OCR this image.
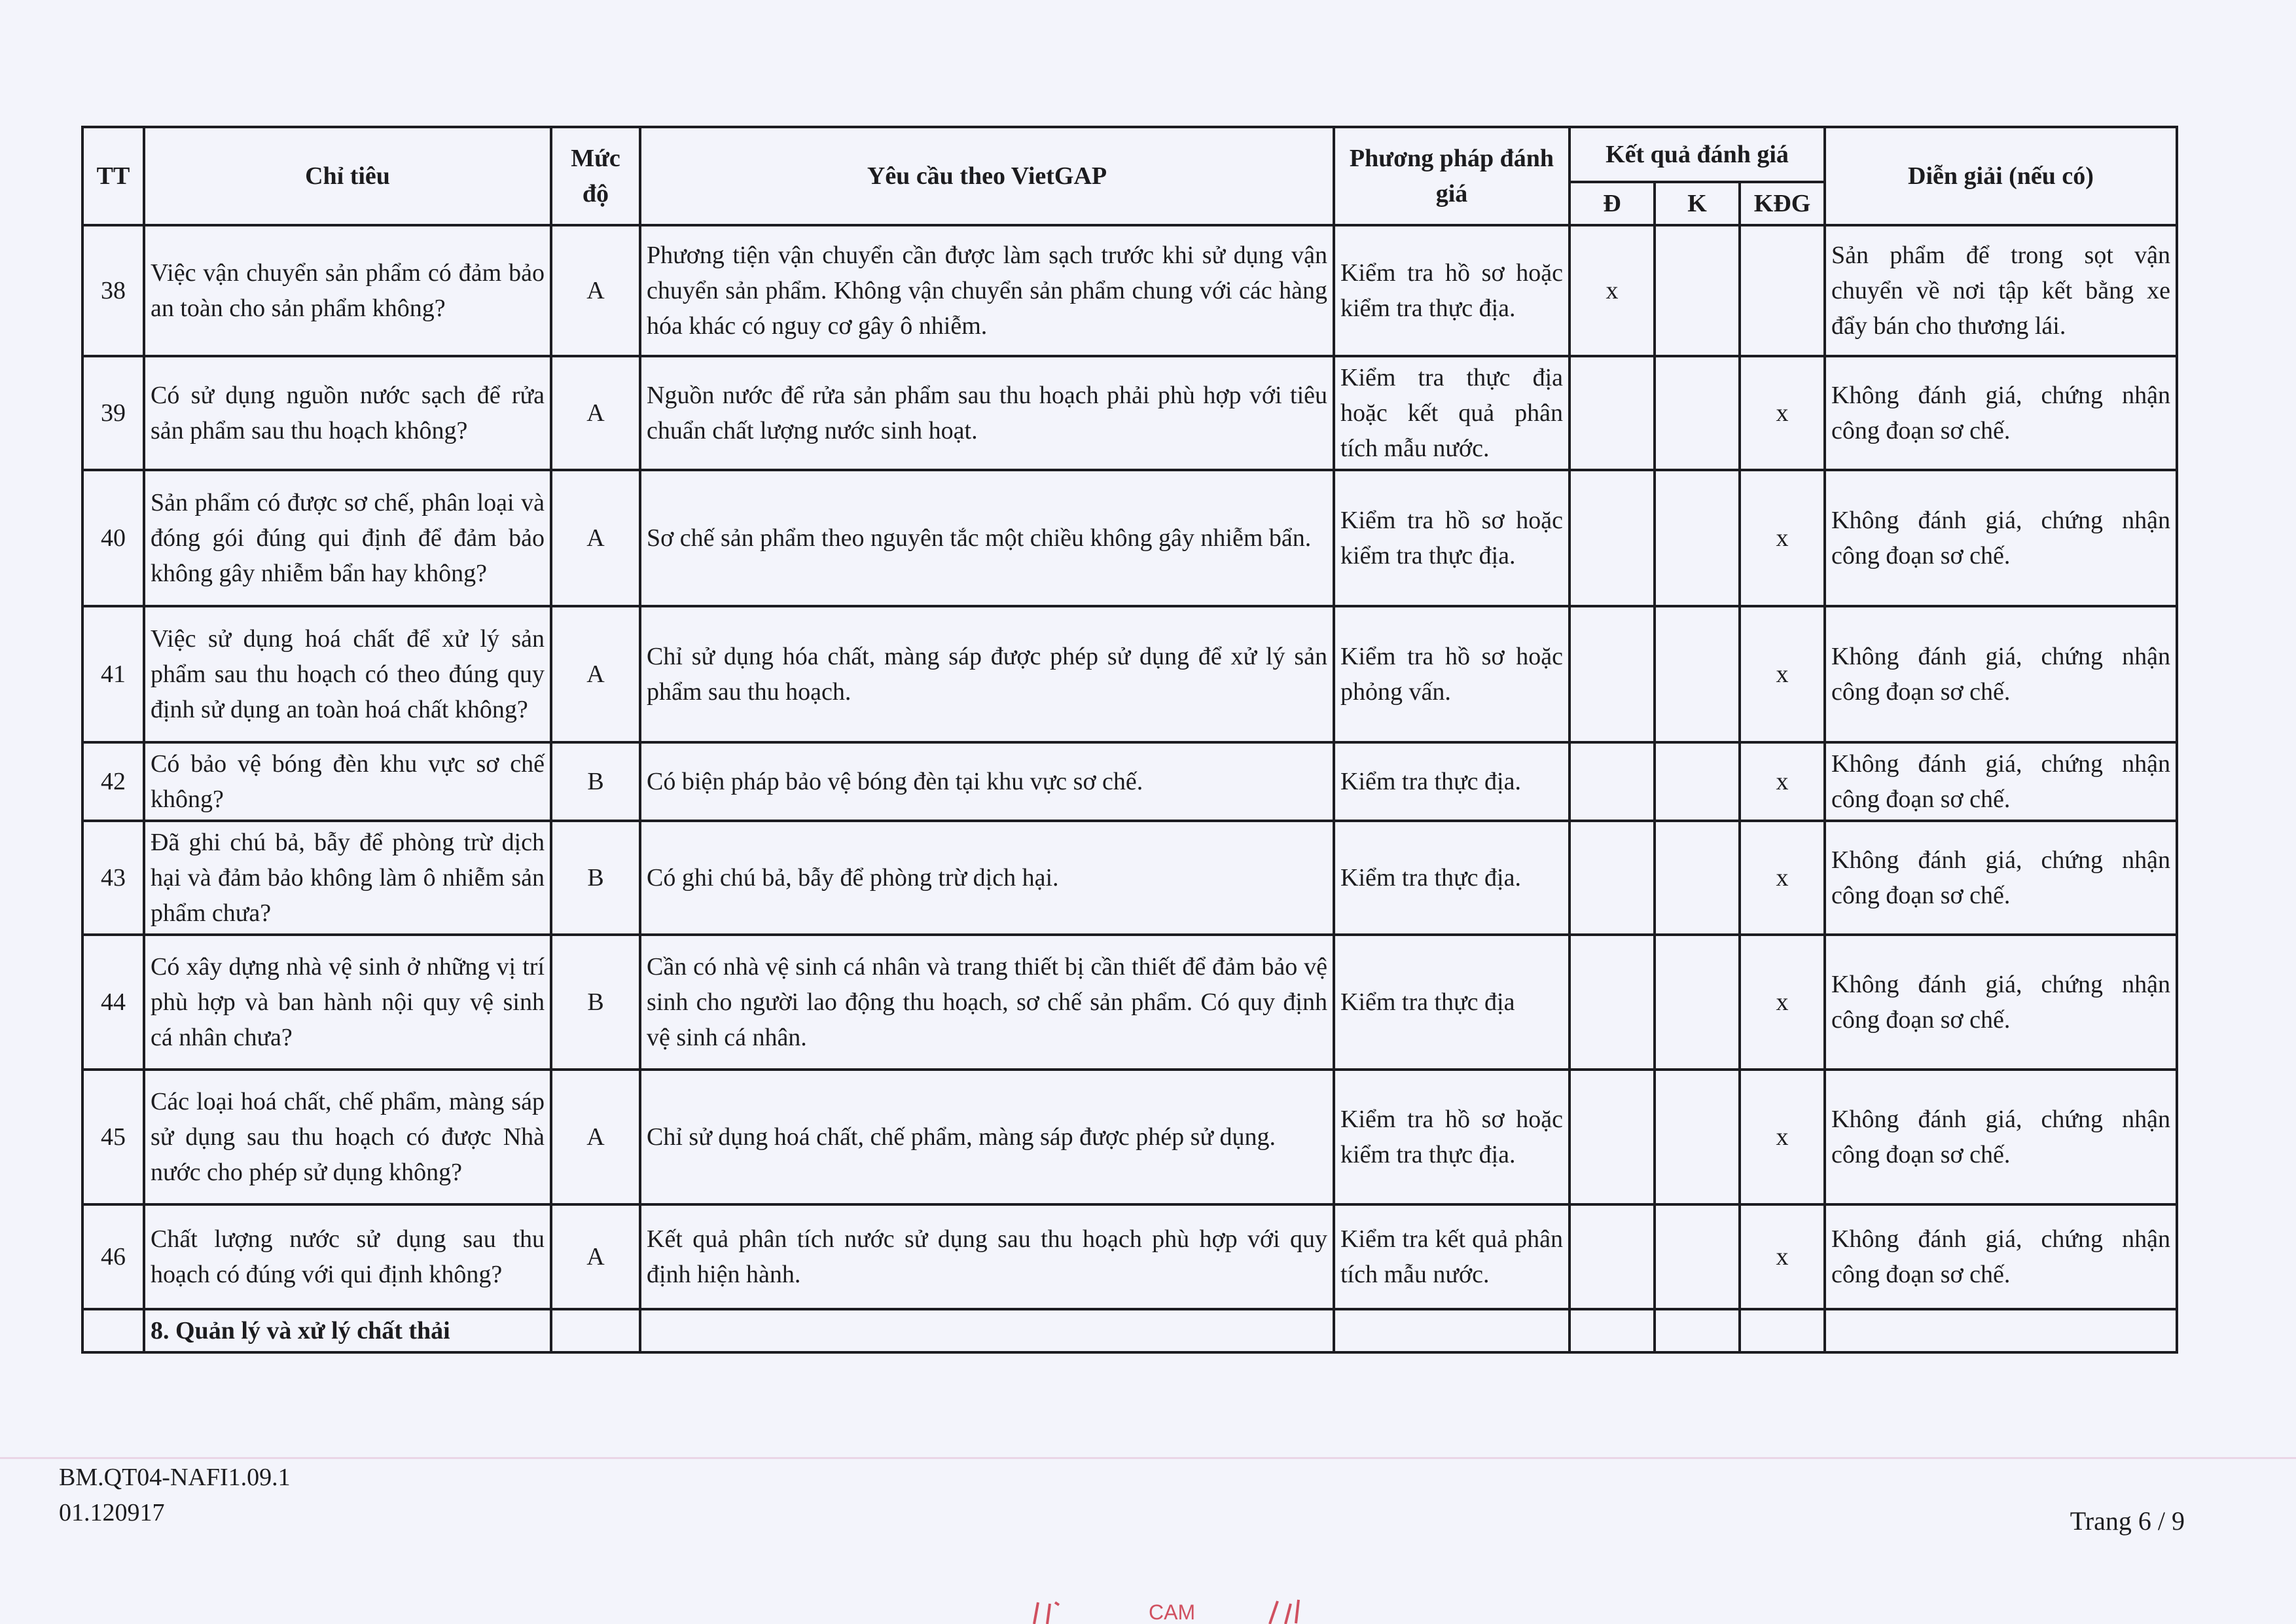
TT	Chỉ tiêu	Mức độ	Yêu cầu theo VietGAP	Phương pháp đánh giá	Kết quả đánh giá			Diễn giải (nếu có)
					Đ	K	KĐG	
38	Việc vận chuyển sản phẩm có đảm bảo an toàn cho sản phẩm không?	A	Phương tiện vận chuyển cần được làm sạch trước khi sử dụng vận chuyển sản phẩm. Không vận chuyển sản phẩm chung với các hàng hóa khác có nguy cơ gây ô nhiễm.	Kiểm tra hồ sơ hoặc kiểm tra thực địa.	x			Sản phẩm để trong sọt vận chuyển về nơi tập kết bằng xe đẩy bán cho thương lái.
39	Có sử dụng nguồn nước sạch để rửa sản phẩm sau thu hoạch không?	A	Nguồn nước để rửa sản phẩm sau thu hoạch phải phù hợp với tiêu chuẩn chất lượng nước sinh hoạt.	Kiểm tra thực địa hoặc kết quả phân tích mẫu nước.			x	Không đánh giá, chứng nhận công đoạn sơ chế.
40	Sản phẩm có được sơ chế, phân loại và đóng gói đúng qui định để đảm bảo không gây nhiễm bẩn hay không?	A	Sơ chế sản phẩm theo nguyên tắc một chiều không gây nhiễm bẩn.	Kiểm tra hồ sơ hoặc kiểm tra thực địa.			x	Không đánh giá, chứng nhận công đoạn sơ chế.
41	Việc sử dụng hoá chất để xử lý sản phẩm sau thu hoạch có theo đúng quy định sử dụng an toàn hoá chất không?	A	Chỉ sử dụng hóa chất, màng sáp được phép sử dụng để xử lý sản phẩm sau thu hoạch.	Kiểm tra hồ sơ hoặc phỏng vấn.			x	Không đánh giá, chứng nhận công đoạn sơ chế.
42	Có bảo vệ bóng đèn khu vực sơ chế không?	B	Có biện pháp bảo vệ bóng đèn tại khu vực sơ chế.	Kiểm tra thực địa.			x	Không đánh giá, chứng nhận công đoạn sơ chế.
43	Đã ghi chú bả, bẫy để phòng trừ dịch hại và đảm bảo không làm ô nhiễm sản phẩm chưa?	B	Có ghi chú bả, bẫy để phòng trừ dịch hại.	Kiểm tra thực địa.			x	Không đánh giá, chứng nhận công đoạn sơ chế.
44	Có xây dựng nhà vệ sinh ở những vị trí phù hợp và ban hành nội quy vệ sinh cá nhân chưa?	B	Cần có nhà vệ sinh cá nhân và trang thiết bị cần thiết để đảm bảo vệ sinh cho người lao động thu hoạch, sơ chế sản phẩm. Có quy định vệ sinh cá nhân.	Kiểm tra thực địa			x	Không đánh giá, chứng nhận công đoạn sơ chế.
45	Các loại hoá chất, chế phẩm, màng sáp sử dụng sau thu hoạch có được Nhà nước cho phép sử dụng không?	A	Chỉ sử dụng hoá chất, chế phẩm, màng sáp được phép sử dụng.	Kiểm tra hồ sơ hoặc kiểm tra thực địa.			x	Không đánh giá, chứng nhận công đoạn sơ chế.
46	Chất lượng nước sử dụng sau thu hoạch có đúng với qui định không?	A	Kết quả phân tích nước sử dụng sau thu hoạch phù hợp với quy định hiện hành.	Kiểm tra kết quả phân tích mẫu nước.			x	Không đánh giá, chứng nhận công đoạn sơ chế.
	8. Quản lý và xử lý chất thải							
BM.QT04-NAFI1.09.1
01.120917	Trang 6 / 9
CAM
